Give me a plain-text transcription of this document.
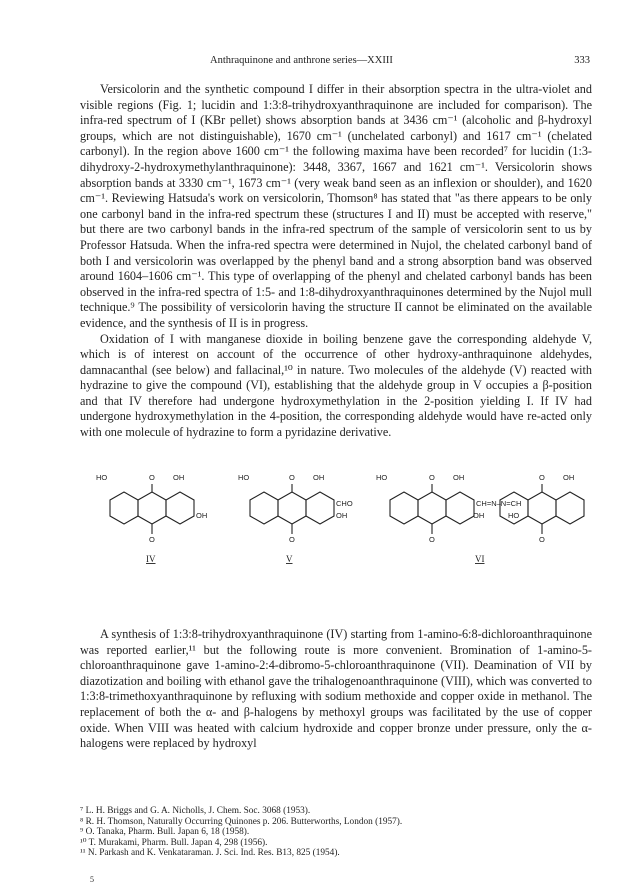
Anthraquinone and anthrone series—XXIII	333

Versicolorin and the synthetic compound I differ in their absorption spectra in the ultra-violet and visible regions (Fig. 1; lucidin and 1:3:8-trihydroxyanthraquinone are included for comparison). The infra-red spectrum of I (KBr pellet) shows absorption bands at 3436 cm⁻¹ (alcoholic and β-hydroxyl groups, which are not distinguishable), 1670 cm⁻¹ (unchelated carbonyl) and 1617 cm⁻¹ (chelated carbonyl). In the region above 1600 cm⁻¹ the following maxima have been recorded⁷ for lucidin (1:3-dihydroxy-2-hydroxymethylanthraquinone): 3448, 3367, 1667 and 1621 cm⁻¹. Versicolorin shows absorption bands at 3330 cm⁻¹, 1673 cm⁻¹ (very weak band seen as an inflexion or shoulder), and 1620 cm⁻¹. Reviewing Hatsuda's work on versicolorin, Thomson⁸ has stated that "as there appears to be only one carbonyl band in the infra-red spectrum these (structures I and II) must be accepted with reserve," but there are two carbonyl bands in the infra-red spectrum of the sample of versicolorin sent to us by Professor Hatsuda. When the infra-red spectra were determined in Nujol, the chelated carbonyl band of both I and versicolorin was overlapped by the phenyl band and a strong absorption band was observed around 1604–1606 cm⁻¹. This type of overlapping of the phenyl and chelated carbonyl bands has been observed in the infra-red spectra of 1:5- and 1:8-dihydroxyanthraquinones determined by the Nujol mull technique.⁹ The possibility of versicolorin having the structure II cannot be eliminated on the available evidence, and the synthesis of II is in progress.

Oxidation of I with manganese dioxide in boiling benzene gave the corresponding aldehyde V, which is of interest on account of the occurrence of other hydroxy-anthraquinone aldehydes, damnacanthal (see below) and fallacinal,¹⁰ in nature. Two molecules of the aldehyde (V) reacted with hydrazine to give the compound (VI), establishing that the aldehyde group in V occupies a β-position and that IV therefore had undergone hydroxymethylation in the 2-position yielding I. If IV had undergone hydroxymethylation in the 4-position, the corresponding aldehyde would have re-acted only with one molecule of hydrazine to form a pyridazine derivative.

HO	O OH
OH
O
IV
HO	O OH
CHO
OH
O
V
HO	O OH
CH=N–N=CH
OH	HO
O OH
O	O
VI

A synthesis of 1:3:8-trihydroxyanthraquinone (IV) starting from 1-amino-6:8-dichloroanthraquinone was reported earlier,¹¹ but the following route is more convenient. Bromination of 1-amino-5-chloroanthraquinone gave 1-amino-2:4-dibromo-5-chloroanthraquinone (VII). Deamination of VII by diazotization and boiling with ethanol gave the trihalogenoanthraquinone (VIII), which was converted to 1:3:8-trimethoxyanthraquinone by refluxing with sodium methoxide and copper oxide in methanol. The replacement of both the α- and β-halogens by methoxyl groups was facilitated by the use of copper oxide. When VIII was heated with calcium hydroxide and copper bronze under pressure, only the α-halogens were replaced by hydroxyl

⁷ L. H. Briggs and G. A. Nicholls, J. Chem. Soc. 3068 (1953).
⁸ R. H. Thomson, Naturally Occurring Quinones p. 206. Butterworths, London (1957).
⁹ O. Tanaka, Pharm. Bull. Japan 6, 18 (1958).
¹⁰ T. Murakami, Pharm. Bull. Japan 4, 298 (1956).
¹¹ N. Parkash and K. Venkataraman. J. Sci. Ind. Res. B13, 825 (1954).
5
